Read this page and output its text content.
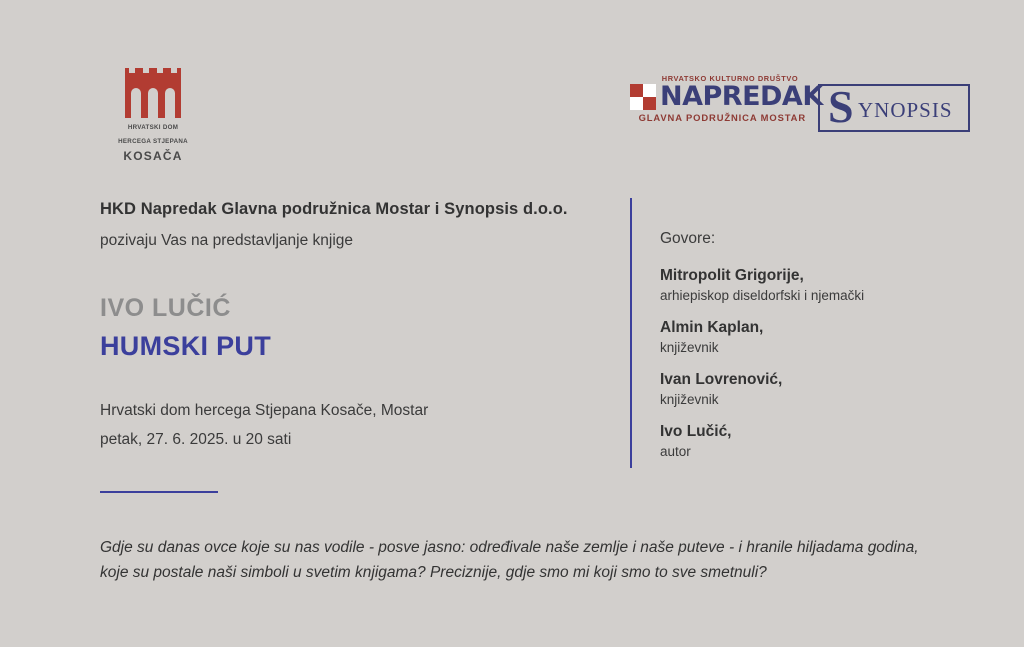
HRVATSKI DOM
HERCEGA STJEPANA
KOSAČA
HRVATSKO KULTURNO DRUŠTVO
NAPREDAK
GLAVNA PODRUŽNICA MOSTAR S YNOPSIS
HKD Napredak Glavna podružnica Mostar i Synopsis d.o.o.
pozivaju Vas na predstavljanje knjige
IVO LUČIĆ
HUMSKI PUT
Hrvatski dom hercega Stjepana Kosače, Mostar
petak, 27. 6. 2025. u 20 sati
Govore:
Mitropolit Grigorije,
arhiepiskop diseldorfski i njemački
Almin Kaplan,
književnik
Ivan Lovrenović,
književnik
Ivo Lučić,
autor
Gdje su danas ovce koje su nas vodile - posve jasno: određivale naše zemlje i naše puteve - i hranile hiljadama godina, koje su postale naši simboli u svetim knjigama? Preciznije, gdje smo mi koji smo to sve smetnuli?
